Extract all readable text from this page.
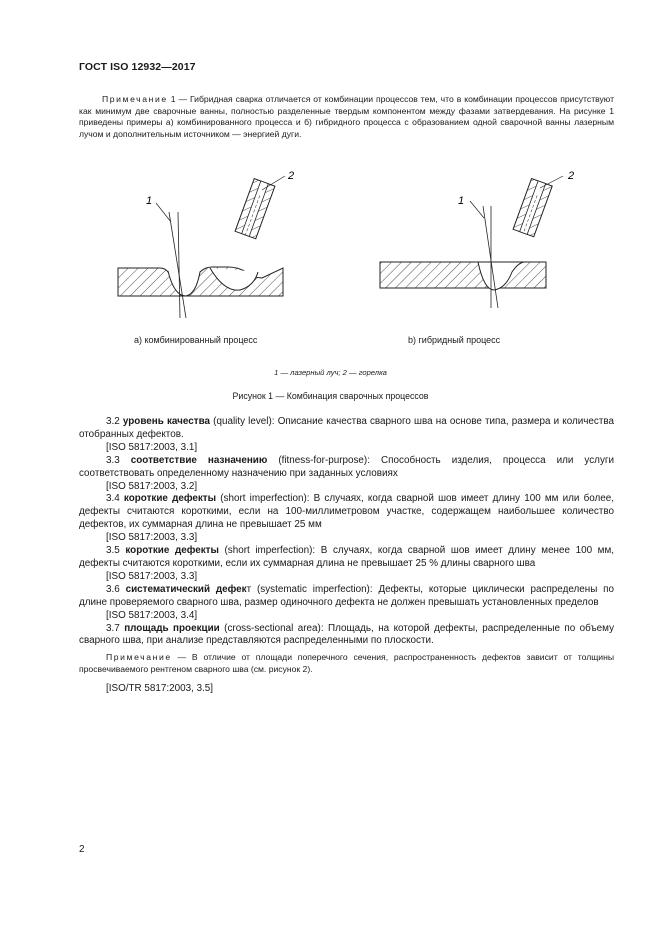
ГОСТ ISO 12932—2017
Примечание 1 — Гибридная сварка отличается от комбинации процессов тем, что в комбинации процессов присутствуют как минимум две сварочные ванны, полностью разделенные твердым компонентом между фазами затвердевания. На рисунке 1 приведены примеры а) комбинированного процесса и б) гибридного процесса с образованием одной сварочной ванны лазерным лучом и дополнительным источником — энергией дуги.
1
2
1
2
а) комбинированный процесс	b) гибридный процесс
1 — лазерный луч; 2 — горелка
Рисунок 1 — Комбинация сварочных процессов

3.2 уровень качества (quality level): Описание качества сварного шва на основе типа, размера и количества отобранных дефектов.

[ISO 5817:2003, 3.1]

3.3 соответствие назначению (fitness-for-purpose): Способность изделия, процесса или услуги соответствовать определенному назначению при заданных условиях

[ISO 5817:2003, 3.2]

3.4 короткие дефекты (short imperfection): В случаях, когда сварной шов имеет длину 100 мм или более, дефекты считаются короткими, если на 100-миллиметровом участке, содержащем наибольшее количество дефектов, их суммарная длина не превышает 25 мм

[ISO 5817:2003, 3.3]

3.5 короткие дефекты (short imperfection): В случаях, когда сварной шов имеет длину менее 100 мм, дефекты считаются короткими, если их суммарная длина не превышает 25 % длины сварного шва

[ISO 5817:2003, 3.3]

3.6 систематический дефект (systematic imperfection): Дефекты, которые циклически распределены по длине проверяемого сварного шва, размер одиночного дефекта не должен превышать установленных пределов

[ISO 5817:2003, 3.4]

3.7 площадь проекции (cross-sectional area): Площадь, на которой дефекты, распределенные по объему сварного шва, при анализе представляются распределенными по плоскости.

Примечание — В отличие от площади поперечного сечения, распространенность дефектов зависит от толщины просвечиваемого рентгеном сварного шва (см. рисунок 2).

[ISO/TR 5817:2003, 3.5]

2
